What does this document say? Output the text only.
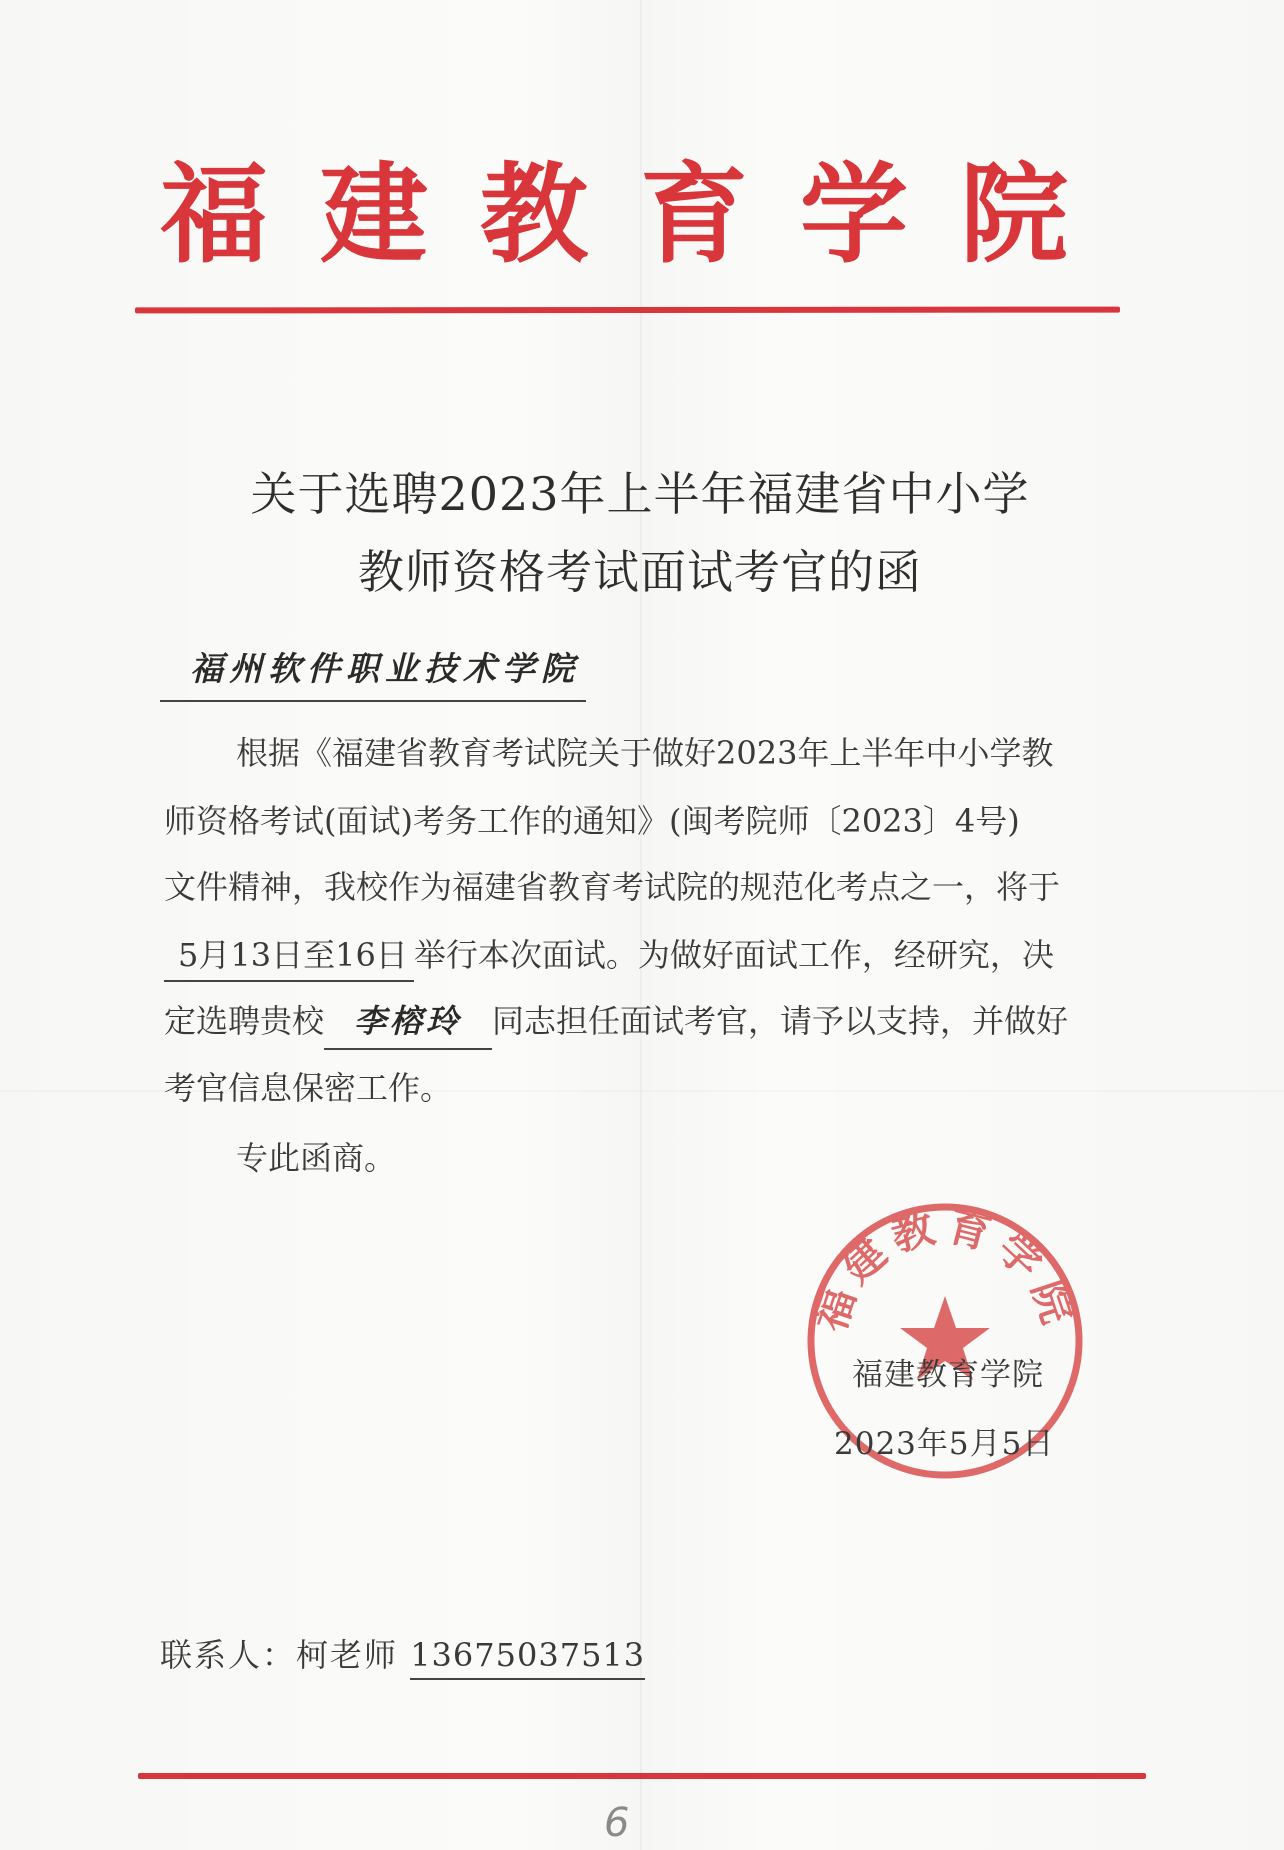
福建教育学院
关于选聘2023年上半年福建省中小学
教师资格考试面试考官的函
福州软件职业技术学院
根据《福建省教育考试院关于做好2023年上半年中小学教
师资格考试(面试)考务工作的通知》(闽考院师〔2023〕4号)
文件精神，我校作为福建省教育考试院的规范化考点之一，将于
5月13日至16日 举行本次面试。为做好面试工作，经研究，决
定选聘贵校 李榕玲 同志担任面试考官，请予以支持，并做好
考官信息保密工作。
专此函商。
福建教育学院
福建教育学院
2023年5月5日
联系人：柯老师 13675037513
6
